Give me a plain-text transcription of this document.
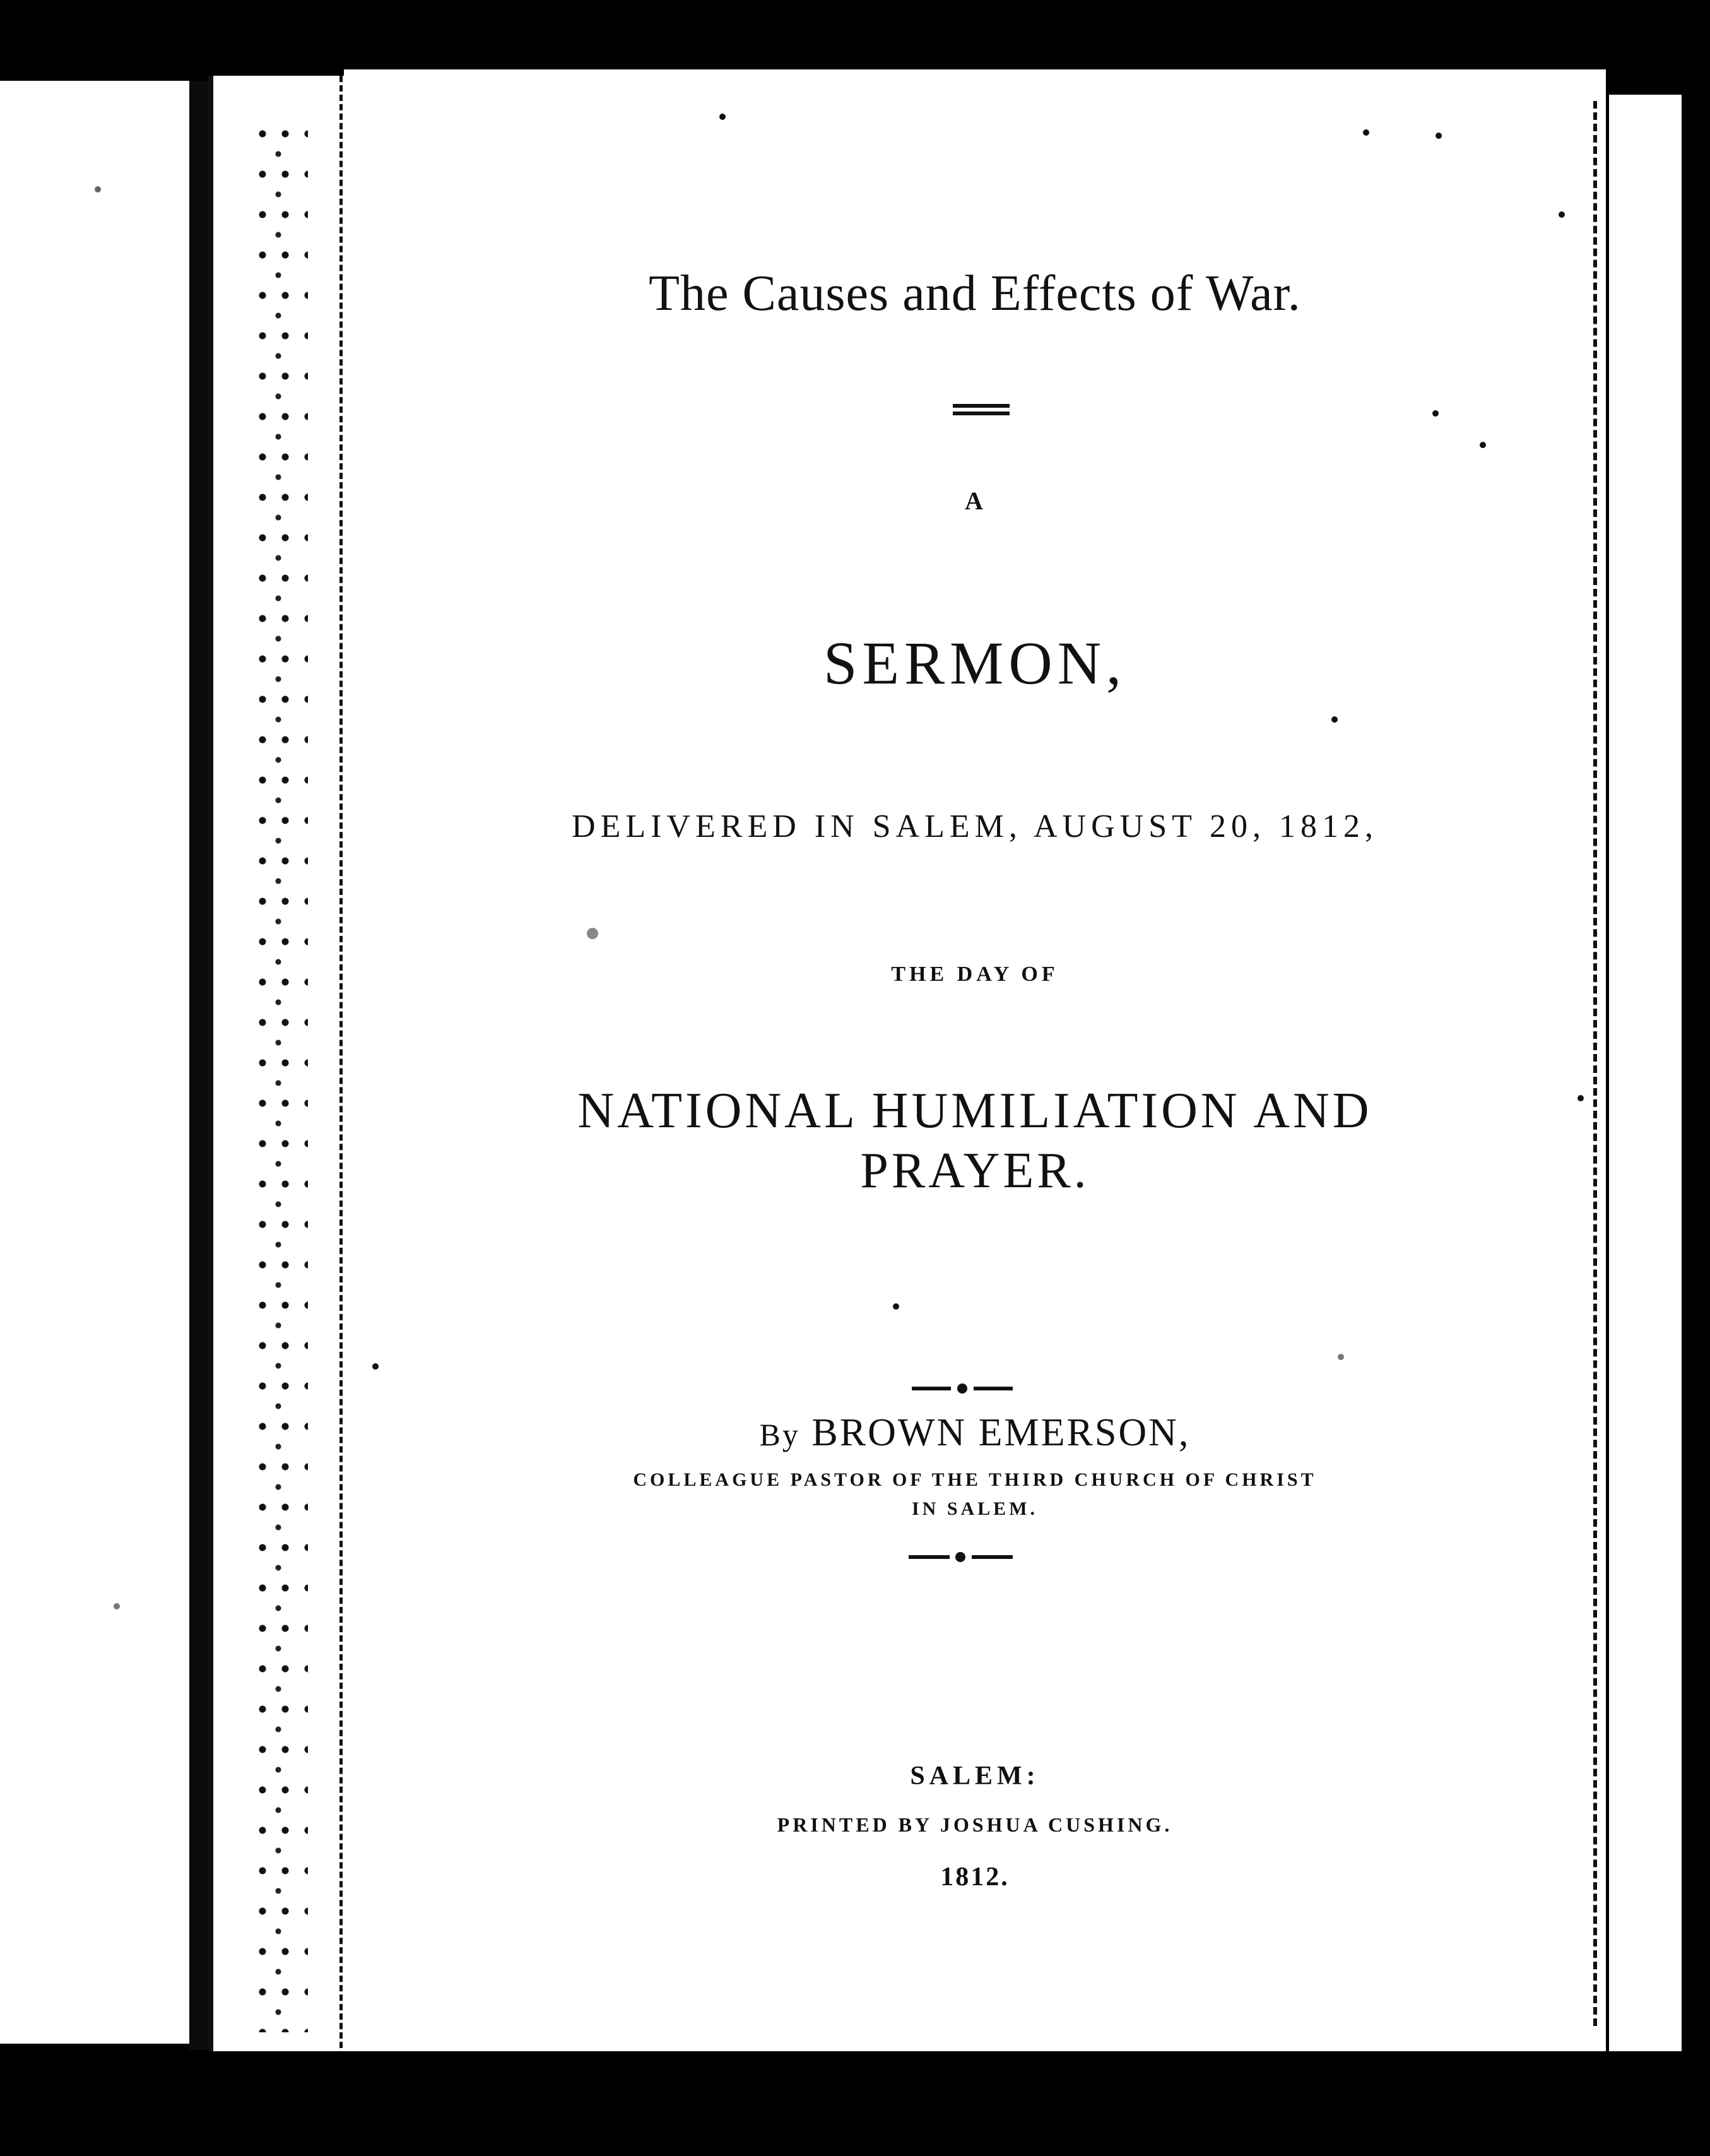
The Causes and Effects of War.
A
SERMON,
DELIVERED IN SALEM, AUGUST 20, 1812,
THE DAY OF
NATIONAL HUMILIATION AND
PRAYER.
By BROWN EMERSON,
COLLEAGUE PASTOR OF THE THIRD CHURCH OF CHRIST
IN SALEM.
SALEM:
PRINTED BY JOSHUA CUSHING.
1812.
